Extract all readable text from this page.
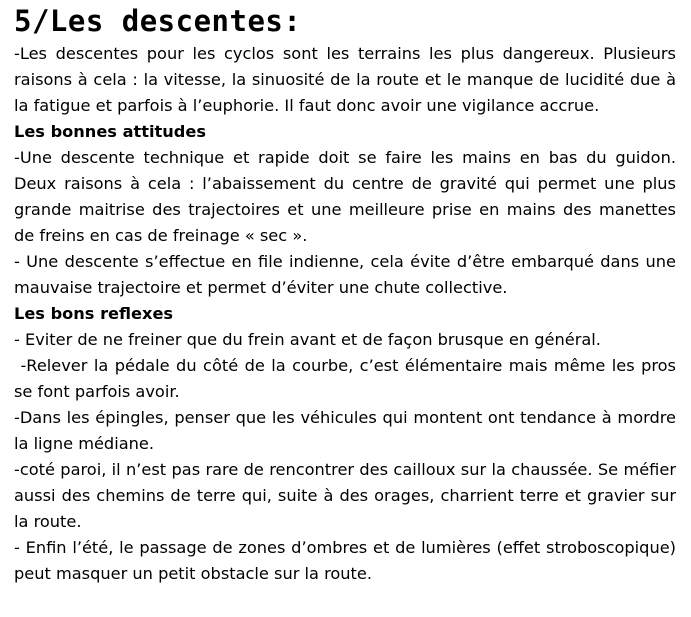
5/Les descentes:

-Les descentes pour les cyclos sont les terrains les plus dangereux. Plusieurs raisons à cela : la vitesse, la sinuosité de la route et le manque de lucidité due à la fatigue et parfois à l’euphorie. Il faut donc avoir une vigilance accrue.

Les bonnes attitudes

-Une descente technique et rapide doit se faire les mains en bas du guidon. Deux raisons à cela : l’abaissement du centre de gravité qui permet une plus grande maitrise des trajectoires et une meilleure prise en mains des manettes de freins en cas de freinage « sec ».

- Une descente s’effectue en file indienne, cela évite d’être embarqué dans une mauvaise trajectoire et permet d’éviter une chute collective.

Les bons reflexes

- Eviter de ne freiner que du frein avant et de façon brusque en général.

-Relever la pédale du côté de la courbe, c’est élémentaire mais même les pros se font parfois avoir.

-Dans les épingles, penser que les véhicules qui montent ont tendance à mordre la ligne médiane.

-coté paroi, il n’est pas rare de rencontrer des cailloux sur la chaussée. Se méfier aussi des chemins de terre qui, suite à des orages, charrient terre et gravier sur la route.

- Enfin l’été, le passage de zones d’ombres et de lumières (effet stroboscopique)  peut masquer un petit obstacle sur la route.
